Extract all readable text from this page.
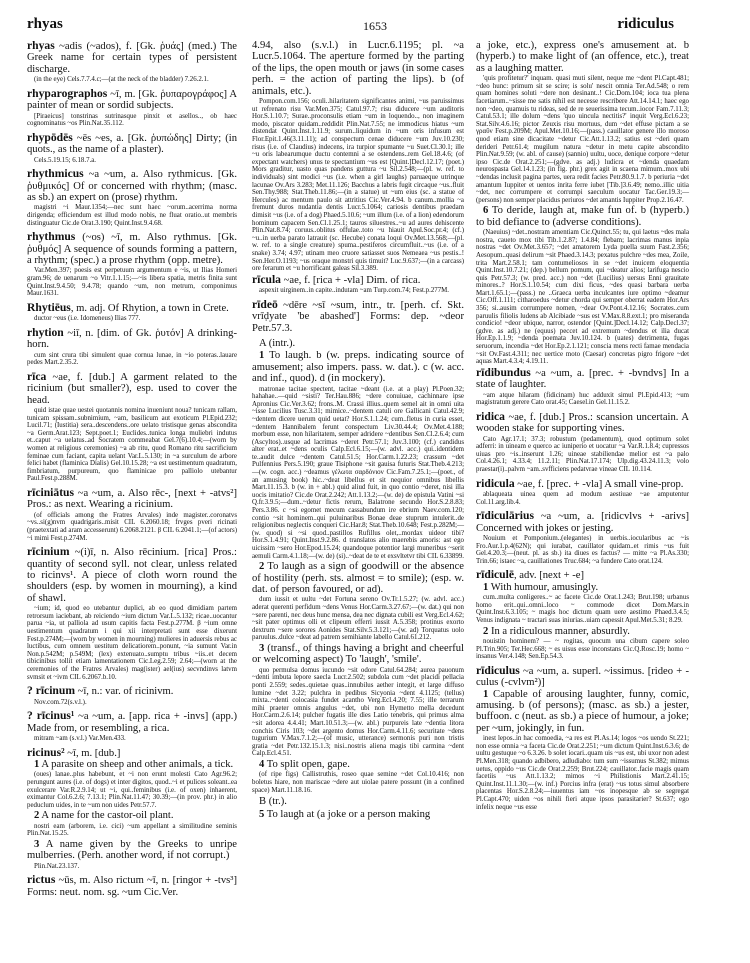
rhyas	1653	ridiculus

rhyas ~adis (~ados), f. [Gk. ῥυάς] (med.) The Greek name for certain types of persistent discharge.

(in the eye) Cels.7.7.4.c;—(at the neck of the bladder) 7.26.2.1.

rhyparographos ~ī, m. [Gk. ῥυπαρογράφος] A painter of mean or sordid subjects.

[Piraeicus] tonstrinas sutrinasque pinxit et asellos.., ob haec cognominatus ~os Plin.Nat.35.112.

rhypōdēs ~ēs ~es, a. [Gk. ῥυπώδης] Dirty; (in quots., as the name of a plaster).

Cels.5.19.15; 6.18.7.a.

rhythmicus ~a ~um, a. Also rythmicus. [Gk. ῥυθμικός] Of or concerned with rhythm; (masc. as sb.) an expert on (prose) rhythm.

magistri ~i Maur.1354;—nec sunt haec ~orum..acerrima norma dirigenda; efficiendum est illud modo nobis, ne fluat oratio..ut membris distinguatur Cic.de Orat.3.190; Quint.Inst.9.4.68.

rhythmus (~os) ~ī, m. Also rythmus. [Gk. ῥυθμός] A sequence of sounds forming a pattern, a rhythm; (spec.) a prose rhythm (opp. metre).

Var.Men.397; poesis est perpetuum argumentum e ~is, ut Ilias Homeri gram.96; de uenarum ~o Vitr.1.1.15;—~is libera spatia, metris finita sunt Quint.Inst.9.4.50; 9.4.78; quando ~um, non metrum, componimus Maur.1631.

Rhytiēus, m. adj. Of Rhytion, a town in Crete.

ductor ~eus (i.e. Idomeneus) Ilias 777.

rhytion ~iī, n. [dim. of Gk. ῥυτόν] A drinking-horn.

cum sint crura tibi simulent quae cornua lunae, in ~io poteras..lauare pedes Mart.2.35.2.

rīca ~ae, f. [dub.] A garment related to the ricinium (but smaller?), esp. used to cover the head.

quid istae quae uestei quotannis nomina inueniunt noua? tunicam rallam, tunicam spissam..subnimium, ~am, basilicum aut exoticum Pl.Epid.232; Lucil.71; (Iustitia) sera..descendens..ore uelato tristisque genas abscondita ~a Germ.Arat.123; Sept.poet.1; Euclides..tunica longa muliebri indutus et..caput ~a uelatus..ad Socratem commeabat Gel.7(6).10.4;—(worn by women at religious ceremonies) ~a ab ritu, quod Romano ritu sacrificium feminae cum faciant, capita uelant Var.L.5.130; in ~a surculum de arbore felici habet (flaminica Dialis) Gel.10.15.28; ~a est uestimentum quadratum, fimbriatum, purpureum, quo flaminicae pro palliolo utebantur Paul.Fest.p.288M.

rīciniātus ~a ~um, a. Also rēc-, [next + -atvs²] Pros.: as next. Wearing a ricinium.

(of officials among the Fratres Arvales) inde magister..coronatvs ~vs..si(g)nvm quadrigaris..misit CIL 6.2060.18; frvges pveri ricinati (praetextati ad aram accesserunt) 6.2068.2121. β CIL 6.2041.1;—(of actors) ~i mimi Fest.p.274M.

rīcinium ~(i)ī, n. Also rēcinium. [rica] Pros.: quantity of second syll. not clear, unless related to ricinvs¹. A piece of cloth worn round the shoulders (esp. by women in mourning), a kind of shawl.

~ium; id, quod eo utebantur duplici, ab eo quod dimidiam partem retrorsum iaciebant, ab reiciendo ~ium dictum Var.L.5.132; ricae..uocantur parua ~ia, ut palliola ad usum capitis facta Fest.p.277M. β ~ium omne uestimentum quadratum i qui xii interpretati sunt esse dixerunt Fest.p.274M;—(worn by women in mourning) mulieres in aduersis rebus ac luctibus, cum omnem uestitum delicatiorem..ponunt, ~ia sumunt Var.in Non.p.542M; p.549M; (lex) extenuato..sumptu tribus ~iis..et decem tibicinibus tollit etiam lamentationem Cic.Leg.2.59; 2.64;—(worn at the ceremonies of the Fratres Arvales) mag(ister) ael(ius) secvndinvs latvm svmsit et ~ivm CIL 6.2067.b.10.

? rīcinum ~ī, n.: var. of ricinivm.

Nov.com.72(s.v.l.).

? rīcinus¹ ~a ~um, a. [app. rica + -invs] (app.) Made from, or resembling, a rica.

mitram ~am (s.v.l.) Var.Men.433.

ricinus² ~ī, m. [dub.]

1 A parasite on sheep and other animals, a tick.

(oues) lanae..plus habebunt, et ~i non erunt molesti Cato Agr.96.2; perungunt aures (i.e. of dogs) et inter digitos, quod..~i et pulices soleant..ea exulcerare Var.R.2.9.14; ut ~i, qui..feminibus (i.e. of oxen) inhaerent, eximantur Col.6.2.6; 7.13.1; Plin.Nat.11.47; 30.39;—(in prov. phr.) in alio peduclum uides, in te ~um non uides Petr.57.7.

2 A name for the castor-oil plant.

nostri eam (arborem, i.e. cici) ~um appellant a similitudine seminis Plin.Nat.15.25.

3 A name given by the Greeks to unripe mulberries. (Perh. another word, if not corrupt.)

Plin.Nat.23.137.

rictus ~ūs, m. Also rictum ~ī, n. [ringor + -tvs³] Forms: neut. nom. sg. ~um Cic.Ver.

4.94, also (s.v.l.) in Lucr.6.1195; pl. ~a Lucr.5.1064. The aperture formed by the parting of the lips, the open mouth or jaws (in some cases perh. = the action of parting the lips). b (of animals, etc.).

Pompon.com.156; oculi..hilaritatem significantes animi, ~us paruissimus ut refrenato risu Var.Men.375; Catul.97.7; risu diducere ~um auditoris Hor.S.1.10.7; Surae..proconsulis etiam ~um in loquendo.., non imaginem modo, piscator quidam..reddidit Plin.Nat.7.55; ne immodicus hiatus ~um distendat Quint.Inst.1.11.9; surum..liquidum in ~um oris infusum est Flor.Epit.1.46(3.11.11); ad conspectum cenae diducere ~um Juv.10.230; risus (i.e. of Claudius) indecens, ira turpior spumante ~u Suet.Cl.30.1; ille ~u oris labearumque ductu contemni a se ostendens..rem Gel.18.4.6; (of expectant watchers) unus te spectantium ~us est [Quint.]Decl.12.17; (poet.) Mors graditur, uasto quas pandens guttura ~u Sil.2.548;—(pl. w. ref. to individuals) sint modici ~us (i.e. when a girl laughs) paruaeque utrinque lacunae Ov.Ars 3.283; Met.11.126; Bacchus a labris fugit circaque ~us..fluit Sen.Thy.988; Stat.Theb.11.86;—(in a statue) ut ~um eius (sc. a statue of Hercules) ac mentum paulo sit attritius Cic.Ver.4.94. b canum..mollia ~a fremunt duros nudantia dentis Lucr.5.1064; cariosis dentibus praedam dimisit ~us (i.e. of a dog) Phaed.5.10.6; ~um illum (i.e. of a lion) edendorum hominum capacem Sen.Cl.1.25.1; tauros siluestres..~u ad aures dehiscente Plin.Nat.8.74; coruus..oblitus offulae..toto ~u hiauit Apul.Soc.pr.4; (cf.) ~u..in uerba parato latrauit (sc. Hecube) conata loqui Ov.Met.13.568;—(pl. w. ref. to a single creature) spuma..pestiferos circumfluit..~us (i.e. of a snake) 3.74; 4.97; utinam meo cruore satiasset suos Nemeaea ~us pestis..! Sen.Her.O.1193; ~us oraque monstri quis timuit? Luc.9.637;—(in a carcass) ore ferarum et ~u horrificant galeas Sil.3.389.

rīcula ~ae, f. [rica + -vla] Dim. of rica.

aspexit uirginem..in capite..indutam ~am Turp.com.74; Fest.p.277M.

rīdeō ~dēre ~sī ~sum, intr., tr. [perh. cf. Skt. vrīḍyate 'be abashed'] Forms: dep. ~deor Petr.57.3.

A (intr.).

1 To laugh. b (w. preps. indicating source of amusement; also impers. pass. w. dat.). c (w. acc. and inf., quod). d (in mockery).

matronae tacitae spectent, tacitae ~deant (i.e. at a play) Pl.Poen.32; hahahae..—quid ~sisti? Ter.Hau.886; ~dere conuiuae, cachinnare ipse Apronius Cic.Ver.3.62; frons..M. Crassi illius..quem semel ait in omni uita ~isse Lucilius Tusc.3.31; mimice..~dentem catuli ore Gallicani Catul.42.9; ~dentem dicere uerum quid uetat? Hor.S.1.1.24; cum..fletus in curia esset, ~dentem Hannibalem ferunt conspectum Liv.30.44.4; Ov.Met.4.188; morbum esse, non hilaritatem, semper adridere ~dentibus Sen.Cl.2.6.4; cum (Ascyltos)..usque ad lacrimas ~deret Petr.57.1; Juv.3.100; (cf.) candidus alter erat..et ~dens oculis Calp.Ecl.6.15;—(w. advl. acc.) qui..identidem te..audit dulce ~dentem Catul.51.5; Hor.Carm.1.22.23; crassum ~det Pulfennius Pers.5.190; graue Tisiphone ~sit gauisa futuris Stat.Theb.4.213;—(w. cogn. acc.) ~deamus γέλωτα σαρδόνιον Cic.Fam.7.25.1;—(poet., of an amusing book) hic..~deat libellus et sit nequior omnibus libellis Mart.11.15.3. b (w. in + abl.) quid aliud fuit, in quo contio ~deret, nisi illa uocis imitatio? Cic.de Orat.2.242; Att.1.13.2;—(w. de) de epistula Vatini ~si Q.fr.3.9.5;—dum..~detur fictis rerum, Balatrone secundo Hor.S.2.8.83; Pers.3.86. c ~si egomet mecum cassabundum ire ebrium Naev.com.120; contio ~sit hominem..qui puluinaribus Bonae deae stuprum intulerit..de religionibus neglectis conqueri Cic.Har.8; Stat.Theb.10.648; Fest.p.282M;—(w. quod) si ~si quod..pastillos Rufillus olet,..mordax uideor tibi? Hor.S.1.4.91; Quint.Inst.9.2.86. d translatos alio maerebis amoris: ast ego uicissim ~sero Hor.Epod.15.24; quandoque potentior largi muneribus ~serit aemuli Carm.4.1.18;—(w. de) (si)..~deat de te et exsvltetvr tibi CIL 6.33899.

2 To laugh as a sign of goodwill or the absence of hostility (perh. sts. almost = to smile); (esp. w. dat. of person favoured, or ad).

dum iussit et uultu ~det Fortuna sereno Ov.Tr.1.5.27; (w. advl. acc.) aderat querenti perfidum ~dens Venus Hor.Carm.3.27.67;—(w. dat.) qui non ~sere parenti, nec deus hunc mensa, dea nec dignata cubili est Verg.Ecl.4.62; ~sit pater optimus olli et clipeum efferri iussit A.5.358; protinus exorto dextrum ~sere sorores Aonides Stat.Silv.5.3.121;—(w. ad) Torquatus uolo paruulus..dulce ~deat ad patrem semihiante labello Catul.61.212.

3 (transf., of things having a bright and cheerful or welcoming aspect) To 'laugh', 'smile'.

quo permulsa domus iucundo ~sit odore Catul.64.284; aurea pauonum ~denti imbuta lepore saecla Lucr.2.502; subdola cum ~det placidi pellacia ponti 2.559; sedes..quietae quas..innubilus aether integit, et large diffuso lumine ~det 3.22; pulchra in pedibus Sicyonia ~dent 4.1125; (tellus) mixta..~denti colocasia fundet acantho Verg.Ecl.4.20; 7.55; ille terrarum mihi praeter omnis angulus ~det, ubi non Hymetto mella decedunt Hor.Carm.2.6.14; pulcher fugatis ille dies Latio tenebris, qui primus alma ~sit adorea 4.4.41; Mart.10.51.3;—(w. abl.) purpureis late ~dentia litora conchis Ciris 103; ~det argento domus Hor.Carm.4.11.6; securitate ~dens tugurium V.Max.7.1.2;—(of music, utterance) sermonis puri non tristis gratia ~det Petr.132.15.1.3; nisi..nostris aliena magis tibi carmina ~dent Calp.Ecl.4.51.

4 To split open, gape.

(of ripe figs) Callistruthis, roseo quae semine ~det Col.10.416; non boletus hiare, non mariscae ~dere aut uiolae patere possunt (in a confined space) Mart.11.18.16.

B (tr.).

5 To laugh at (a joke or a person making

a joke, etc.), express one's amusement at. b (hyperb.) to make light of (an offence, etc.), treat as a laughing matter.

'quis profitetur?' inquam. quasi muti silent, neque me ~dent Pl.Capt.481; ~deo hunc: primum sit se scire; is solu' nescit omnia Ter.Ad.548; o rem quam homines soluti ~dere non desinant..! Cic.Dom.104; ioca tua plena facetiarum..~sisse me satis nihil est necesse rescribere Att.14.14.1; haec ego non ~deo, quamuis tu rideas, sed de re seuerissima tecum..iocor Fam.7.11.3; Catul.53.1; ille dolum ~dens 'quo uincula nectitis?' inquit Verg.Ecl.6.23; Stat.Silv.4.6.16; pictor Zeuxis risu mortuus, dum ~det effuse pictam a se γραῦν Fest.p.209M; Apul.Met.10.16;—(pass.) cauillator genere illo moroso quod etiam sine dicacitate ~detur Cic.Att.1.13.2; satius est ~deri quam derideri Petr.61.4; mugilum natura ~detur in metu capite abscondito Plin.Nat.9.59; (w. abl. of cause) (sannio) uultu, uoce, denique corpore ~detur ipso Cic.de Orat.2.251;—(gdve. as adj.) ludicra et ~denda quaedam neurospasta Gel.14.1.23; (in fig. phr.) grex agit in scaena mimum..mox ubi ~dendas inclusit pagina partes, uera redit facies Petr.80.9.1.7. b periuria ~det amantum Iuppiter et uentos inrita ferre iubet [Tib.]3.6.49; nemo..illic uitia ~det, nec corrumpere et corrumpi saeculum uocatur Tac.Ger.19.3;—(persons) non semper placidus periuros ~det amantis Iuppiter Prop.2.16.47.

6 To deride, laugh at, make fun of. b (hyperb.) to bid defiance to (adverse conditions).

(Naeuius) ~det..nostram amentiam Cic.Quinct.55; tu, qui laetus ~des mala nostra, caueto mox tibi Tib.1.2.87; 1.4.84; flebam; lacrimas manus inpia nostras ~det Ov.Met.3.657; ~det amatorem Lyda puella suum Fast.2.356; Aesopum..quasi delirum ~sit Phaed.3.14.3; pexatus pulchre ~des mea, Zoile, trita Mart.2.58.1; tam contumeliosos in se ~det inuicem eloquentia Quint.Inst.10.7.21; (dep.) bellum pomum, qui ~deatur alios; larifuga nescio quis Petr.57.3; (w. pred. acc.) non ~det (Lucilius) uersus Enni grauitate minores..? Hor.S.1.10.54; cum dixi ficus, ~des quasi barbara uerba Mart.1.65.1;—(pass.) ne ..Graeca uerba inculcantes iure optimo ~deamur Cic.Off.1.111; citharoedus ~detur chorda qui semper oberrat eadem Hor.Ars 356; si..ausim corrumpere nomen, ~dear Ov.Pont.4.12.16; Socrates..cum paruulis filiolis ludens ab Alcibiade ~sus est V.Max.8.8.ext.1; pro miseranda condicio! ~deor ubique, narror, ostendor [Quint.]Decl.14.12; Calp.Decl.37; (gdve. as adj.) ne (equus) peccet ad extremum ~dendus et ilia ducat Hor.Ep.1.1.9; ~denda poemata Juv.10.124. b (uates) detrimenta, fugas seruorum, incendia ~det Hor.Ep.2.1.121; conscia mens recti famae mendacia ~sit Ov.Fast.4.311; nec uertice moto (Caesar) concretas pigro frigore ~det aquas Mart.4.3.4; 4.19.11.

rīdibundus ~a ~um, a. [prec. + -bvndvs] In a state of laughter.

~am atque hilaram (fidicinam) huc adduxit simul Pl.Epid.413; ~um magistratum gerere Cato orat.45; Caesel.in Gel.11.15.2.

ridica ~ae, f. [dub.] Pros.: scansion uncertain. A wooden stake for supporting vines.

Cato Agr.17.1; 37.3; robustum (pedamentum), quod optimum solet adferri: in uineam e querco ac iuniperio et uocatur ~a Var.R.1.8.4; cupressos uiuas pro ~is..inserunt 1.26; uineae stabiliendae melior est ~a palo Col.4.26.1; 4.33.4; 11.2.11; Plin.Nat.17.174; Ulp.dig.43.24.11.3; volo praestar(i)..palvm ~am..svfficiens pedatvrae vineae CIL 10.114.

ridicula ~ae, f. [prec. + -vla] A small vine-prop.

ablaqueata uinea quem ad modum aestiuae ~ae amputentur Col.11.arg.lib.4.

rīdiculārius ~a ~um, a. [ridicvlvs + -arivs] Concerned with jokes or jesting.

Nouium et Pomponium..(elegantes) in uerbis..iocularibus ac ~is Fro.Aur.1.p.4(62N); qui iurabat, cauillator quidam..et rimis ~us fuit Gel.4.20.3;—(neut. pl. as sb.) ita diues es factus? — mitte ~a Pl.As.330; Trin.66; istaec ~a, cauillationes Truc.684; ~a fundere Cato orat.124.

rīdiculē, adv. [next + -e]

1 With humour, amusingly.

cum..multa conligeres..~ ac facete Cic.de Orat.1.243; Brut.198; urbanus homo erit..qui..omni..loco ~ commode dicet Dom.Mars.in Quint.Inst.6.3.105; ~ magis hoc dictum quam uere aestimo Phaed.3.4.5; Venus indignata ~ tractari suas iniurias..uiam capessit Apul.Met.5.31; 8.29.

2 In a ridiculous manner, absurdly.

nouistin hominem? — ~ rogitas, quocum una cibum capere soleo Pl.Trin.905; Ter.Hec.668; ~ es uisus esse inconstans Cic.Q.Rosc.19; homo ~ insanus Ver.4.148; Sen.Ep.54.3.

rīdiculus ~a ~um, a. superl. ~issimus. [rideo + -culus (-cvlvm²)]

1 Capable of arousing laughter, funny, comic, amusing. b (of persons); (masc. as sb.) a jester, buffoon. c (neut. as sb.) a piece of humour, a joke; per ~um, jokingly, in fun.

inest lepos..in hac comoedia, ~a res est Pl.As.14; logos ~os uendo St.221; non esse omnia ~a faceta Cic.de Orat.2.251; ~um dictum Quint.Inst.6.3.6; de uultu gestuque ~o 6.3.26. b solet iocari..quam uis ~us est, ubi uxor non adest Pl.Men.318; quando adbibero, adludiabo: tum sum ~issumus St.382; mimus uetus, oppido ~us Cic.de Orat.2.259; Brut.224; cauillator..facie magis quam facetiis ~us Att.1.13.2; mimos ~i Philistionis Mart.2.41.15; Quint.Inst.11.1.30;—(w. inf.) Porcius infra (erat) ~us totus simul absorbere placentas Hor.S.2.8.24;—iuuentus iam ~os inopesque ab se segregat Pl.Capt.470; uiden ~os nihili fieri atque ipsos parasitarier? St.637; ego infelix neque ~us esse
